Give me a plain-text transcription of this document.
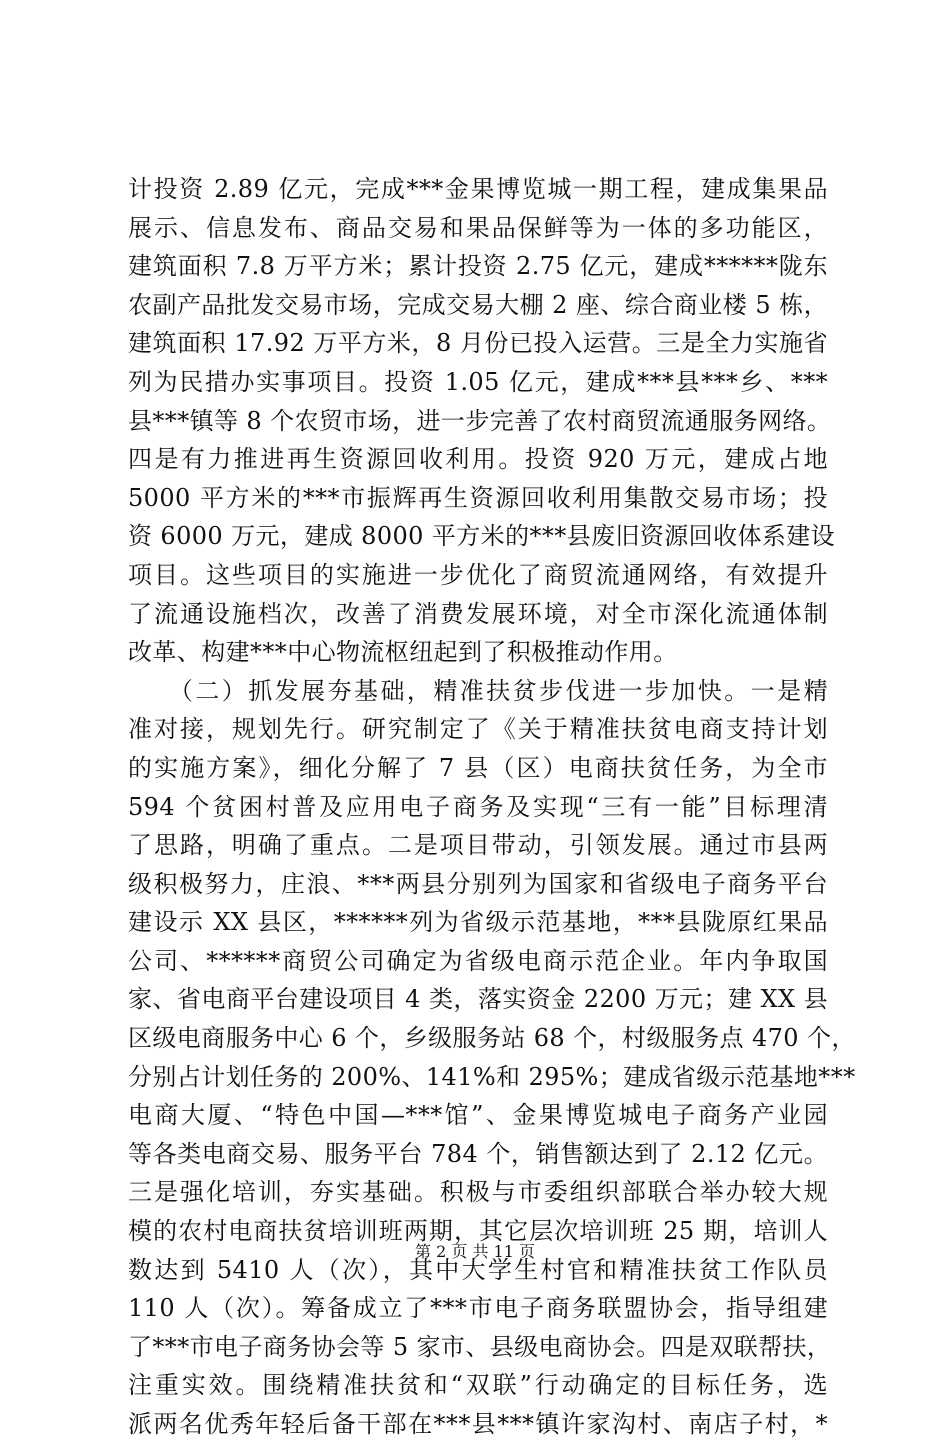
计投资 2.89 亿元，完成***金果博览城一期工程，建成集果品
展示、信息发布、商品交易和果品保鲜等为一体的多功能区，
建筑面积 7.8 万平方米；累计投资 2.75 亿元，建成******陇东
农副产品批发交易市场，完成交易大棚 2 座、综合商业楼 5 栋，
建筑面积 17.92 万平方米，8 月份已投入运营。三是全力实施省
列为民措办实事项目。投资 1.05 亿元，建成***县***乡、***
县***镇等 8 个农贸市场，进一步完善了农村商贸流通服务网络。
四是有力推进再生资源回收利用。投资 920 万元，建成占地
5000 平方米的***市振辉再生资源回收利用集散交易市场；投
资 6000 万元，建成 8000 平方米的***县废旧资源回收体系建设
项目。这些项目的实施进一步优化了商贸流通网络，有效提升
了流通设施档次，改善了消费发展环境，对全市深化流通体制
改革、构建***中心物流枢纽起到了积极推动作用。
　　（二）抓发展夯基础，精准扶贫步伐进一步加快。一是精
准对接，规划先行。研究制定了《关于精准扶贫电商支持计划
的实施方案》，细化分解了 7 县（区）电商扶贫任务，为全市
594 个贫困村普及应用电子商务及实现“三有一能”目标理清
了思路，明确了重点。二是项目带动，引领发展。通过市县两
级积极努力，庄浪、***两县分别列为国家和省级电子商务平台
建设示 XX 县区，******列为省级示范基地，***县陇原红果品
公司、******商贸公司确定为省级电商示范企业。年内争取国
家、省电商平台建设项目 4 类，落实资金 2200 万元；建 XX 县
区级电商服务中心 6 个，乡级服务站 68 个，村级服务点 470 个，
分别占计划任务的 200%、141%和 295%；建成省级示范基地***
电商大厦、“特色中国—***馆”、金果博览城电子商务产业园
等各类电商交易、服务平台 784 个，销售额达到了 2.12 亿元。
三是强化培训，夯实基础。积极与市委组织部联合举办较大规
模的农村电商扶贫培训班两期，其它层次培训班 25 期，培训人
数达到 5410 人（次），其中大学生村官和精准扶贫工作队员
110 人（次）。筹备成立了***市电子商务联盟协会，指导组建
了***市电子商务协会等 5 家市、县级电商协会。四是双联帮扶，
注重实效。围绕精准扶贫和“双联”行动确定的目标任务，选
派两名优秀年轻后备干部在***县***镇许家沟村、南店子村，*
第 2 页 共 11 页
